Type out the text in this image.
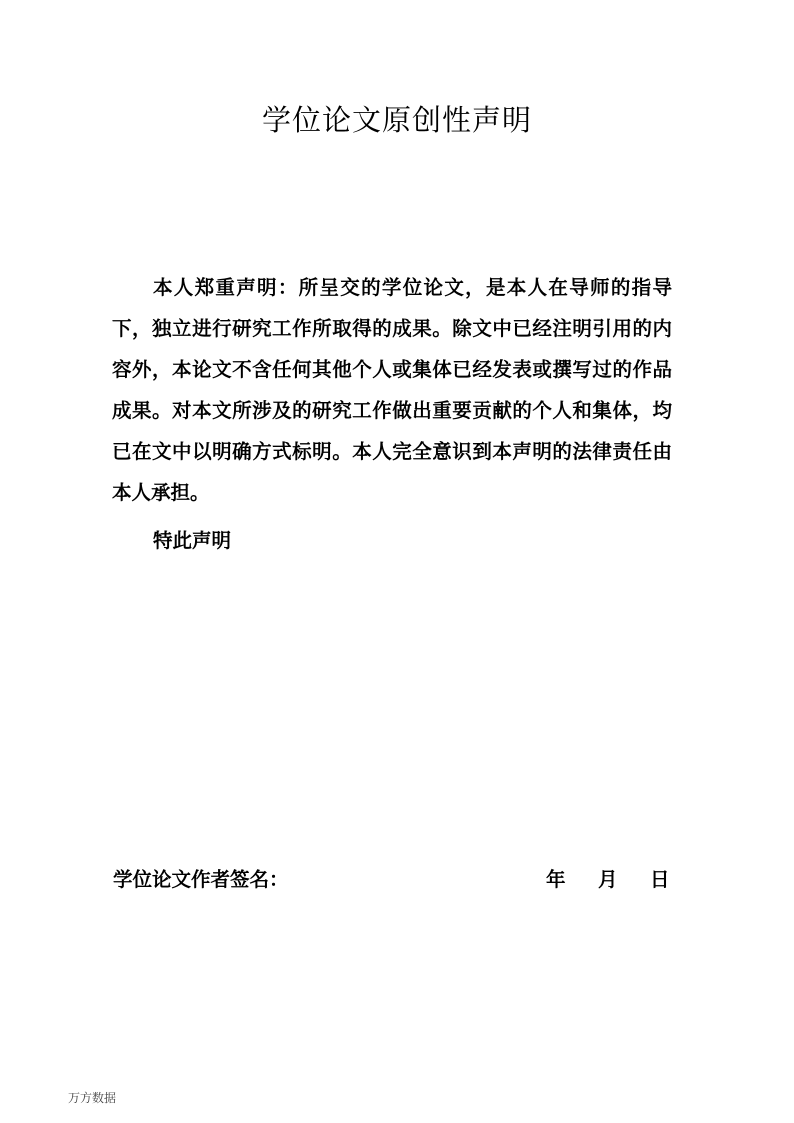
学位论文原创性声明

本人郑重声明：所呈交的学位论文，是本人在导师的指导下，独立进行研究工作所取得的成果。除文中已经注明引用的内容外，本论文不含任何其他个人或集体已经发表或撰写过的作品成果。对本文所涉及的研究工作做出重要贡献的个人和集体，均已在文中以明确方式标明。本人完全意识到本声明的法律责任由本人承担。

特此声明

学位论文作者签名：	年 月 日
万方数据
